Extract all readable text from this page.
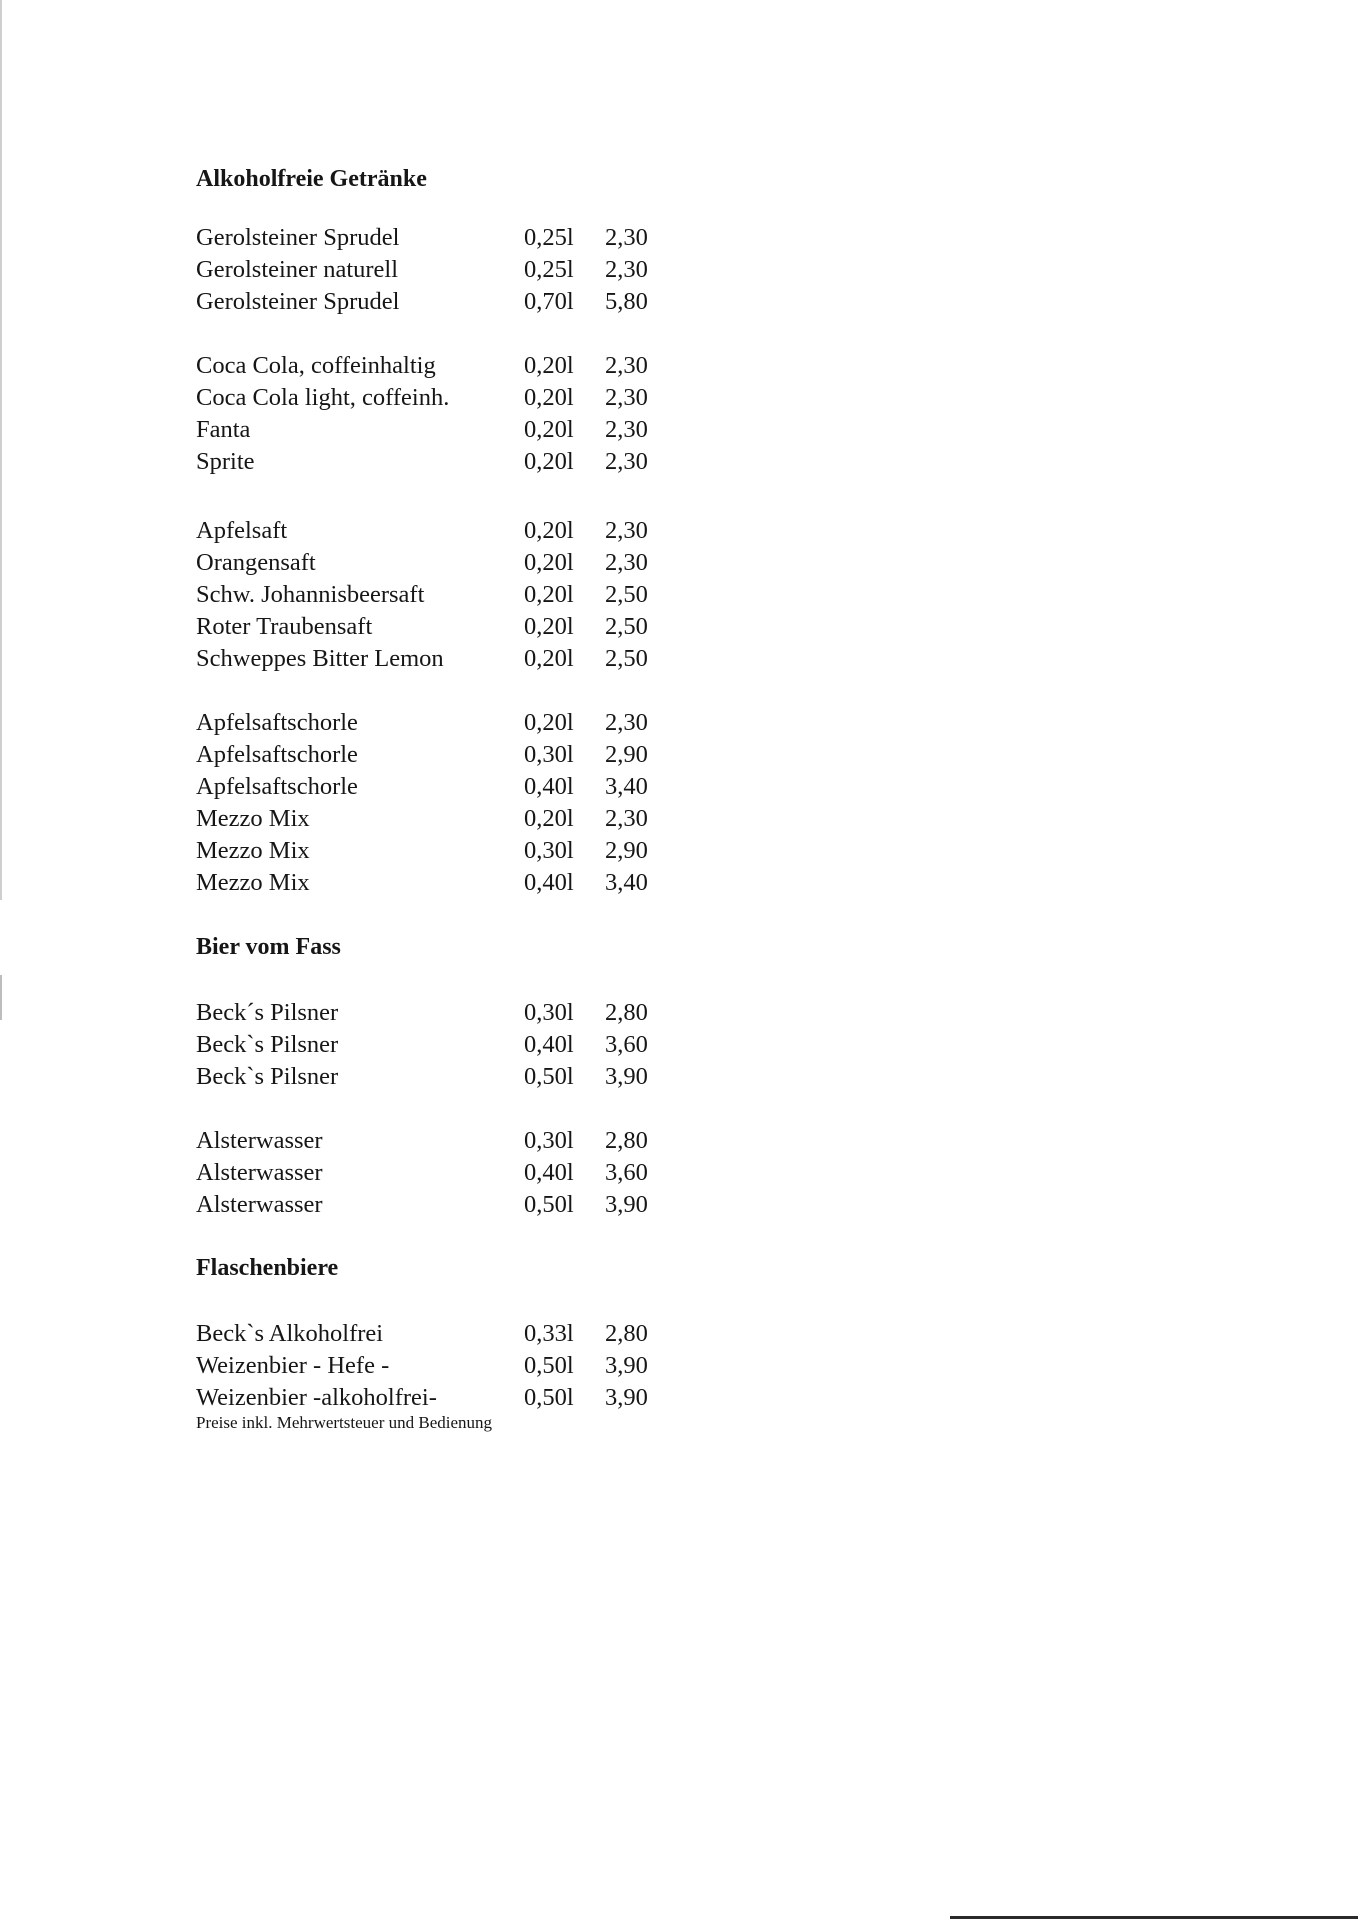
Alkoholfreie Getränke
Gerolsteiner Sprudel	0,25l 2,30
Gerolsteiner naturell	0,25l 2,30
Gerolsteiner Sprudel	0,70l 5,80
Coca Cola, coffeinhaltig	0,20l 2,30
Coca Cola light, coffeinh.	0,20l 2,30
Fanta	0,20l 2,30
Sprite	0,20l 2,30
Apfelsaft	0,20l 2,30
Orangensaft	0,20l 2,30
Schw. Johannisbeersaft	0,20l 2,50
Roter Traubensaft	0,20l 2,50
Schweppes Bitter Lemon	0,20l 2,50
Apfelsaftschorle	0,20l 2,30
Apfelsaftschorle	0,30l 2,90
Apfelsaftschorle	0,40l 3,40
Mezzo Mix	0,20l 2,30
Mezzo Mix	0,30l 2,90
Mezzo Mix	0,40l 3,40
Bier vom Fass
Beck´s Pilsner	0,30l 2,80
Beck`s Pilsner	0,40l 3,60
Beck`s Pilsner	0,50l 3,90
Alsterwasser	0,30l 2,80
Alsterwasser	0,40l 3,60
Alsterwasser	0,50l 3,90
Flaschenbiere
Beck`s Alkoholfrei	0,33l 2,80
Weizenbier - Hefe -	0,50l 3,90
Weizenbier -alkoholfrei-	0,50l 3,90
Preise inkl. Mehrwertsteuer und Bedienung
